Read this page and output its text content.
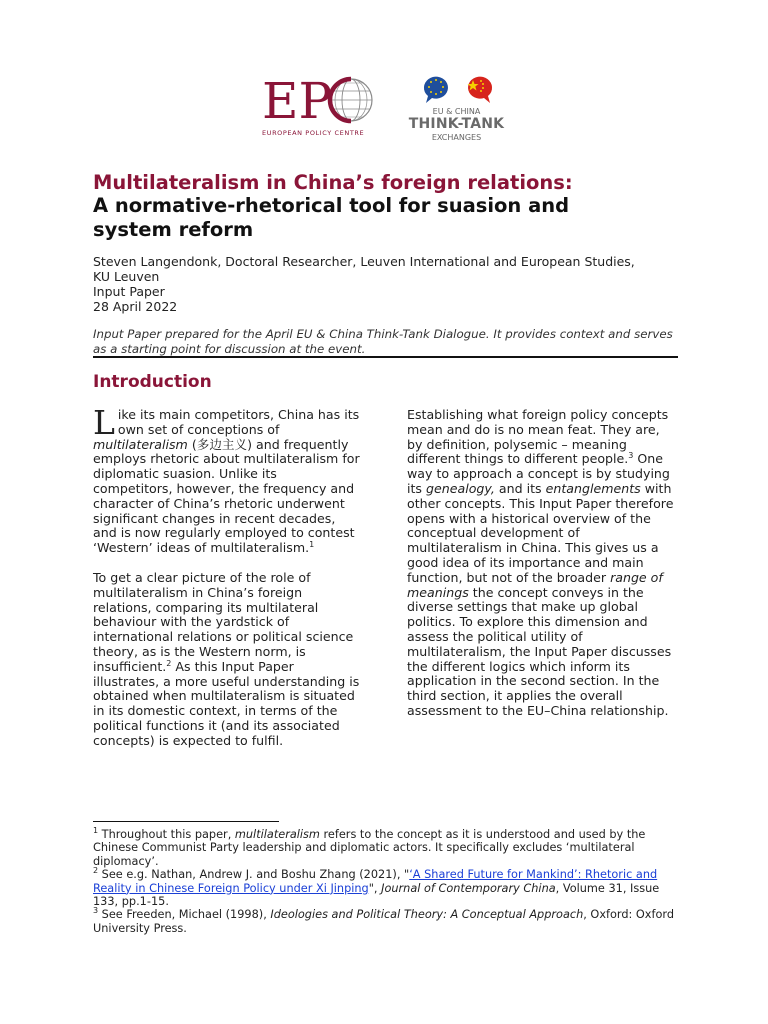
EP
EUROPEAN POLICY CENTRE
EU & CHINA
THINK-TANK
EXCHANGES
Multilateralism in China’s foreign relations:
A normative-rhetorical tool for suasion and system reform
Steven Langendonk, Doctoral Researcher, Leuven International and European Studies,
KU Leuven
Input Paper
28 April 2022
Input Paper prepared for the April EU & China Think-Tank Dialogue. It provides context and serves as a starting point for discussion at the event.
Introduction

Like its main competitors, China has its own set of conceptions of multilateralism (多边主义) and frequently employs rhetoric about multilateralism for diplomatic suasion. Unlike its competitors, however, the frequency and character of China’s rhetoric underwent significant changes in recent decades, and is now regularly employed to contest ‘Western’ ideas of multilateralism.$^1$

To get a clear picture of the role of multilateralism in China’s foreign relations, comparing its multilateral behaviour with the yardstick of international relations or political science theory, as is the Western norm, is insufficient.$^2$ As this Input Paper illustrates, a more useful understanding is obtained when multilateralism is situated in its domestic context, in terms of the political functions it (and its associated concepts) is expected to fulfil.

Establishing what foreign policy concepts mean and do is no mean feat. They are, by definition, polysemic – meaning different things to different people.$^3$ One way to approach a concept is by studying its genealogy, and its entanglements with other concepts. This Input Paper therefore opens with a historical overview of the conceptual development of multilateralism in China. This gives us a good idea of its importance and main function, but not of the broader range of meanings the concept conveys in the diverse settings that make up global politics. To explore this dimension and assess the political utility of multilateralism, the Input Paper discusses the different logics which inform its application in the second section. In the third section, it applies the overall assessment to the EU–China relationship.

$^1$ Throughout this paper, multilateralism refers to the concept as it is understood and used by the Chinese Communist Party leadership and diplomatic actors. It specifically excludes ‘multilateral diplomacy’.

$^2$ See e.g. Nathan, Andrew J. and Boshu Zhang (2021), "‘A Shared Future for Mankind’: Rhetoric and Reality in Chinese Foreign Policy under Xi Jinping", Journal of Contemporary China, Volume 31, Issue 133, pp.1-15.

$^3$ See Freeden, Michael (1998), Ideologies and Political Theory: A Conceptual Approach, Oxford: Oxford University Press.
